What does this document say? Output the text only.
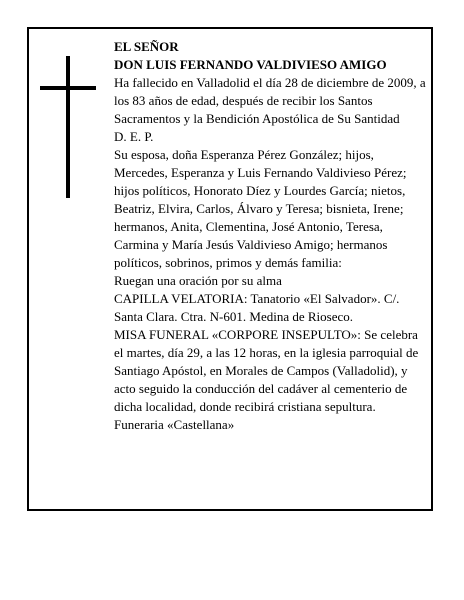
EL SEÑOR
DON LUIS FERNANDO VALDIVIESO AMIGO
Ha fallecido en Valladolid el día 28 de diciembre de 2009, a los 83 años de edad, después de recibir los Santos Sacramentos y la Bendición Apostólica de Su Santidad
D. E. P.
Su esposa, doña Esperanza Pérez González; hijos, Mercedes, Esperanza y Luis Fernando Valdivieso Pérez; hijos políticos, Honorato Díez y Lourdes García; nietos, Beatriz, Elvira, Carlos, Álvaro y Teresa; bisnieta, Irene; hermanos, Anita, Clementina, José Antonio, Teresa, Carmina y María Jesús Valdivieso Amigo; hermanos políticos, sobrinos, primos y demás familia:
Ruegan una oración por su alma
CAPILLA VELATORIA: Tanatorio «El Salvador». C/. Santa Clara. Ctra. N-601. Medina de Rioseco.
MISA FUNERAL «CORPORE INSEPULTO»: Se celebra el martes, día 29, a las 12 horas, en la iglesia parroquial de Santiago Apóstol, en Morales de Campos (Valladolid), y acto seguido la conducción del cadáver al cementerio de dicha localidad, donde recibirá cristiana sepultura.
Funeraria «Castellana»
